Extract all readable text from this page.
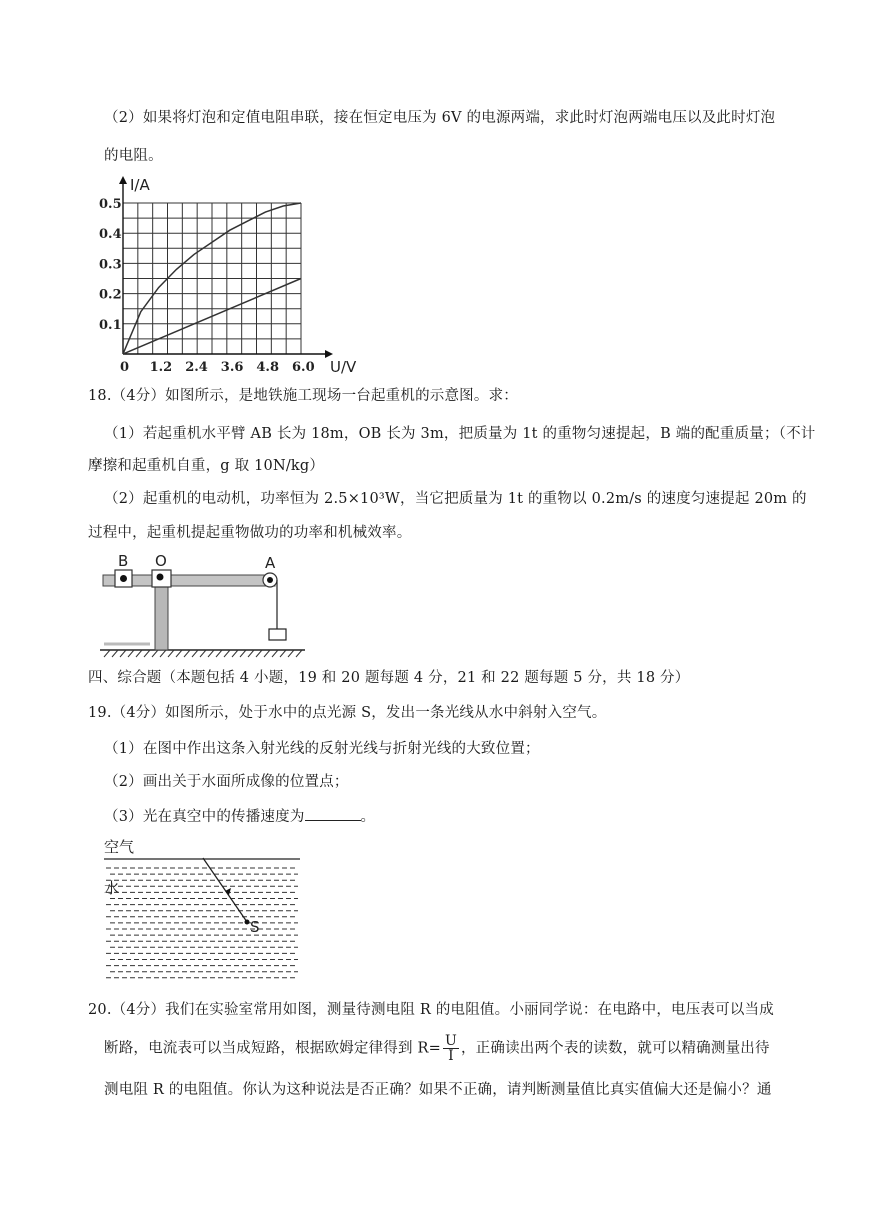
（2）如果将灯泡和定值电阻串联，接在恒定电压为 6V 的电源两端，求此时灯泡两端电压以及此时灯泡
的电阻。
0 1.2 2.4 3.6 4.8 6.0
0.1
0.2
0.3
0.4
0.5
I/A
U/V
18.（4分）如图所示，是地铁施工现场一台起重机的示意图。求：
（1）若起重机水平臂 AB 长为 18m，OB 长为 3m，把质量为 1t 的重物匀速提起，B 端的配重质量；（不计
摩擦和起重机自重，g 取 10N/kg）
（2）起重机的电动机，功率恒为 2.5×10³W，当它把质量为 1t 的重物以 0.2m/s 的速度匀速提起 20m 的
过程中，起重机提起重物做功的功率和机械效率。
B O	A
四、综合题（本题包括 4 小题，19 和 20 题每题 4 分，21 和 22 题每题 5 分，共 18 分）
19.（4分）如图所示，处于水中的点光源 S，发出一条光线从水中斜射入空气。
（1）在图中作出这条入射光线的反射光线与折射光线的大致位置；
（2）画出关于水面所成像的位置点；
（3）光在真空中的传播速度为	。
空气
水
S
20.（4分）我们在实验室常用如图，测量待测电阻 R 的电阻值。小丽同学说：在电路中，电压表可以当成
断路，电流表可以当成短路，根据欧姆定律得到 $R= \frac{U}{I}$ ，正确读出两个表的读数，就可以精确测量出待
测电阻 R 的电阻值。你认为这种说法是否正确？如果不正确，请判断测量值比真实值偏大还是偏小？通
